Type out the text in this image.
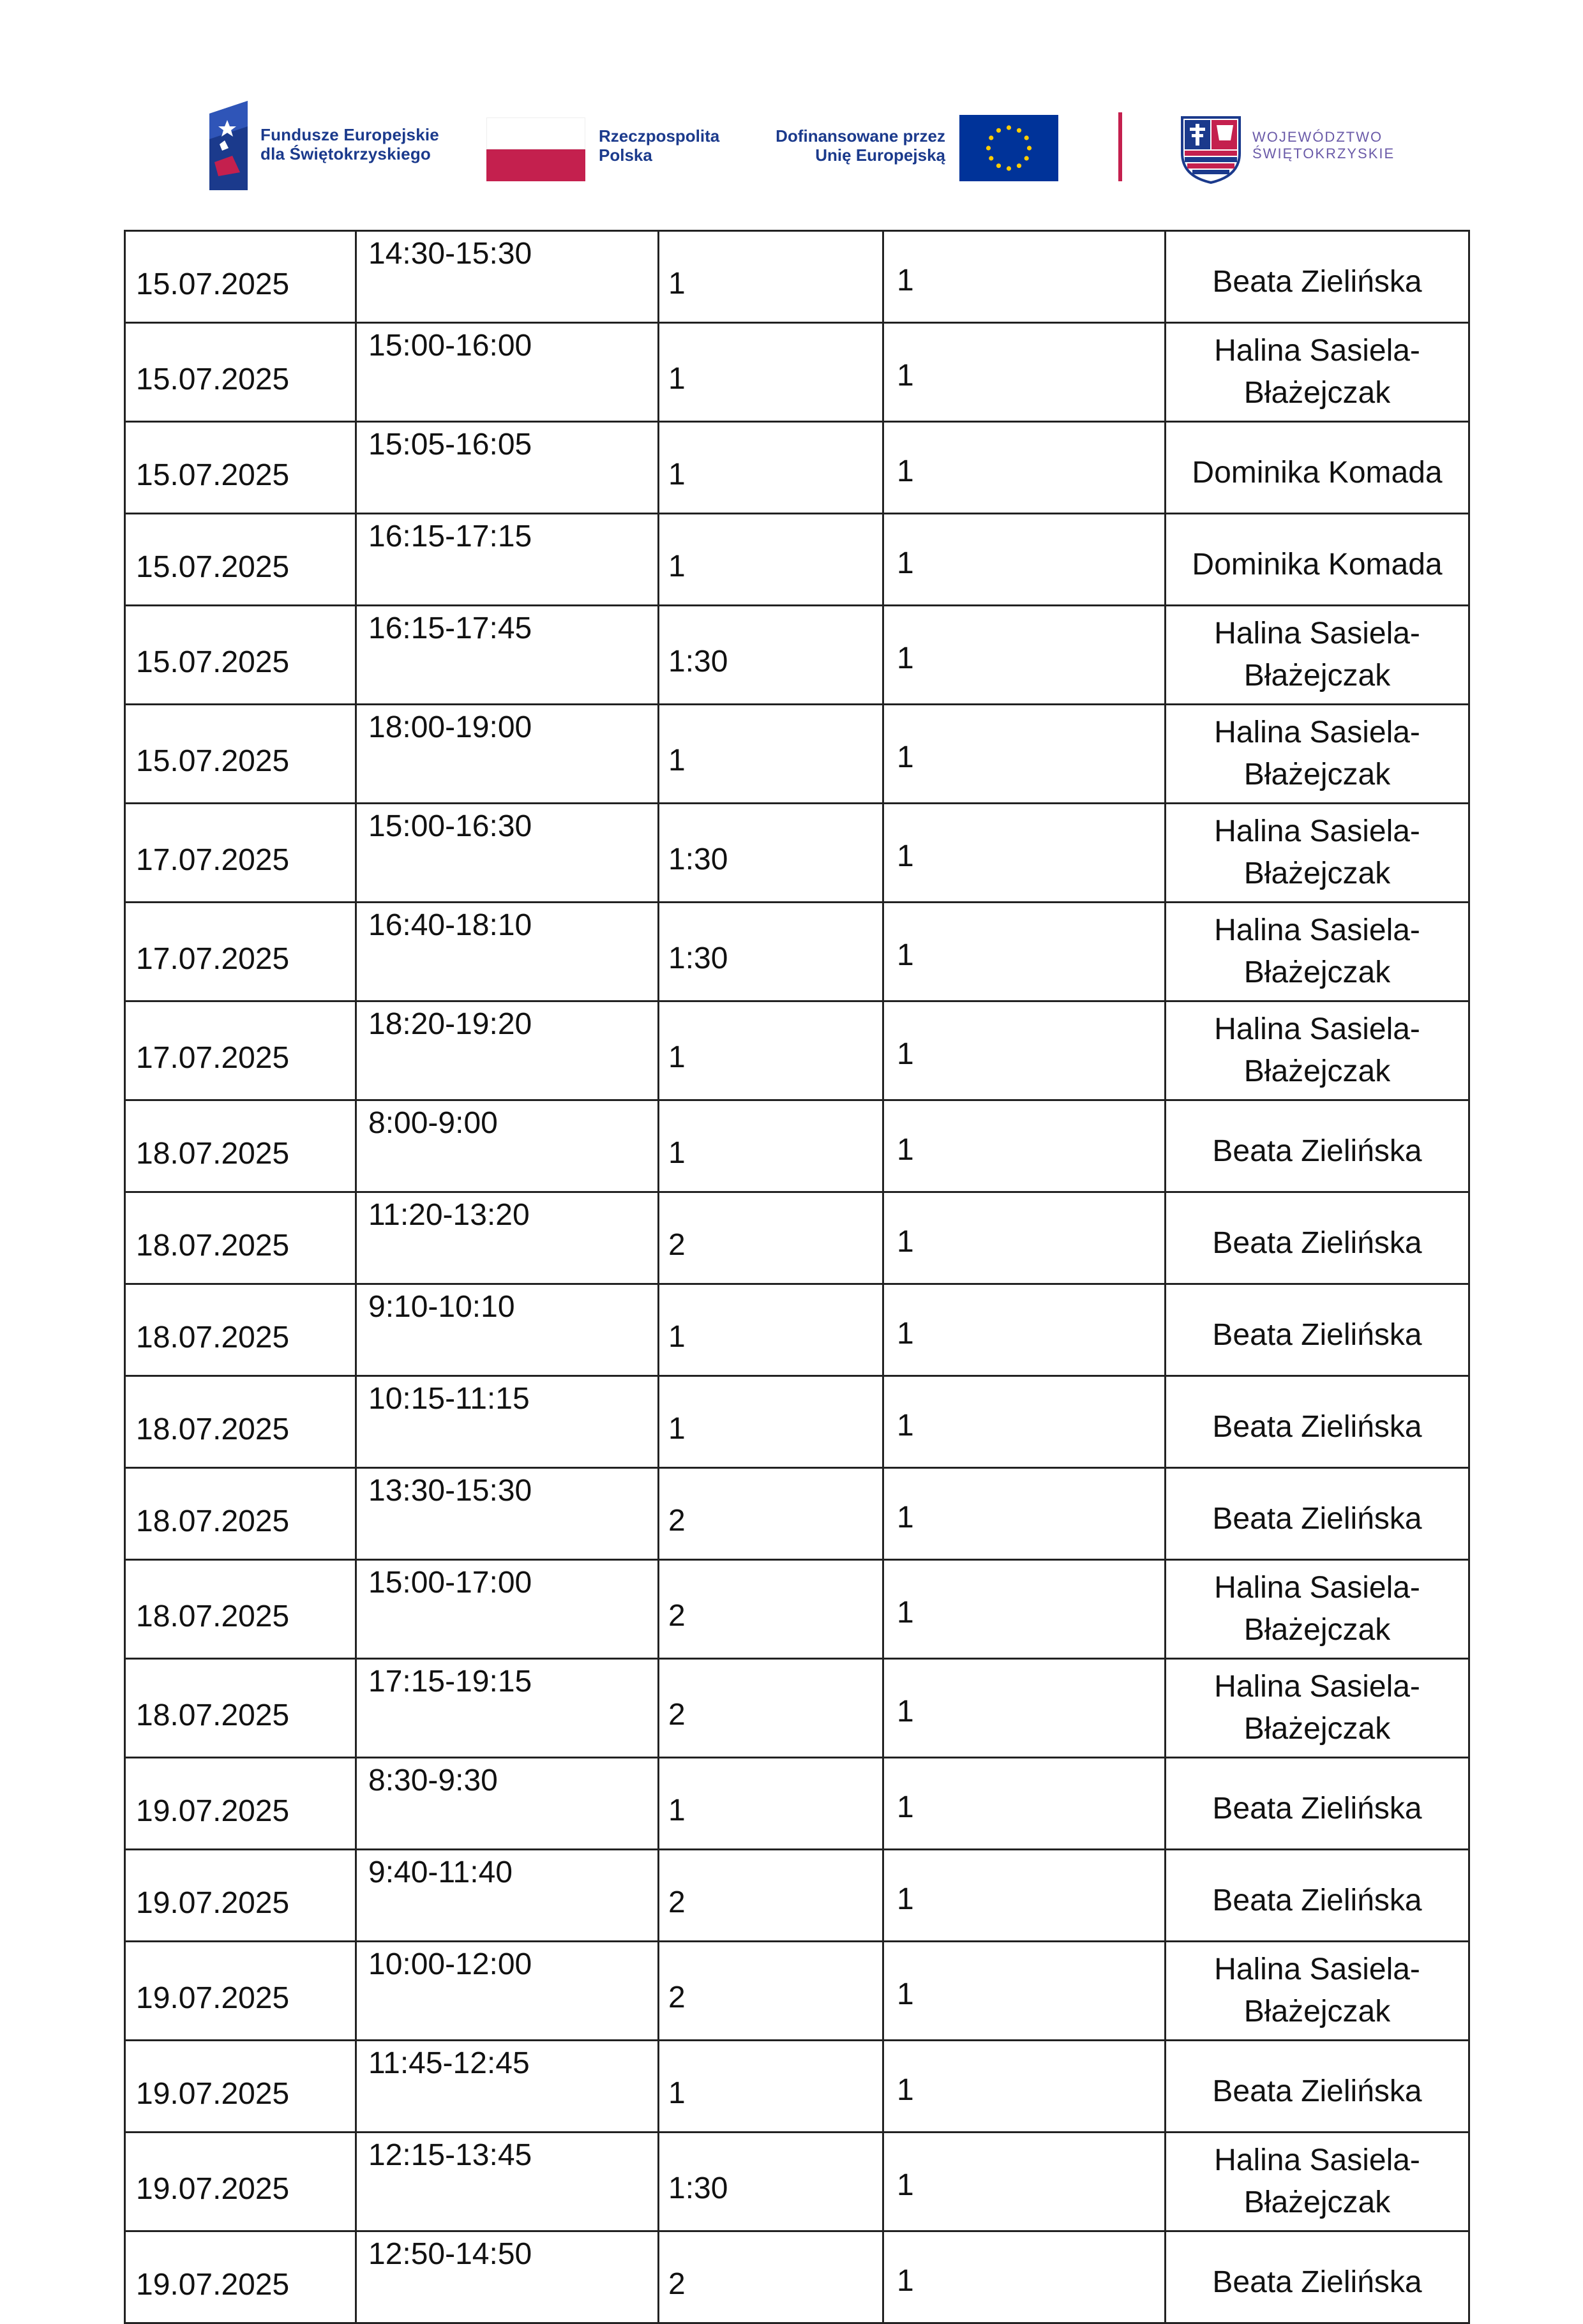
Fundusze Europejskie
dla Świętokrzyskiego
Rzeczpospolita
Polska
Dofinansowane przez
Unię Europejską
WOJEWÓDZTWO
ŚWIĘTOKRZYSKIE
15.07.2025	14:30-15:30	1	1	Beata Zielińska

15.07.2025	15:00-16:00	1	1	Halina Sasiela-
Błażejczak

15.07.2025	15:05-16:05	1	1	Dominika Komada

15.07.2025	16:15-17:15	1	1	Dominika Komada

15.07.2025	16:15-17:45	1:30	1	Halina Sasiela-
Błażejczak

15.07.2025	18:00-19:00	1	1	Halina Sasiela-
Błażejczak

17.07.2025	15:00-16:30	1:30	1	Halina Sasiela-
Błażejczak

17.07.2025	16:40-18:10	1:30	1	Halina Sasiela-
Błażejczak

17.07.2025	18:20-19:20	1	1	Halina Sasiela-
Błażejczak

18.07.2025	8:00-9:00	1	1	Beata Zielińska

18.07.2025	11:20-13:20	2	1	Beata Zielińska

18.07.2025	9:10-10:10	1	1	Beata Zielińska

18.07.2025	10:15-11:15	1	1	Beata Zielińska

18.07.2025	13:30-15:30	2	1	Beata Zielińska

18.07.2025	15:00-17:00	2	1	Halina Sasiela-
Błażejczak

18.07.2025	17:15-19:15	2	1	Halina Sasiela-
Błażejczak

19.07.2025	8:30-9:30	1	1	Beata Zielińska

19.07.2025	9:40-11:40	2	1	Beata Zielińska

19.07.2025	10:00-12:00	2	1	Halina Sasiela-
Błażejczak

19.07.2025	11:45-12:45	1	1	Beata Zielińska

19.07.2025	12:15-13:45	1:30	1	Halina Sasiela-
Błażejczak

19.07.2025	12:50-14:50	2	1	Beata Zielińska
